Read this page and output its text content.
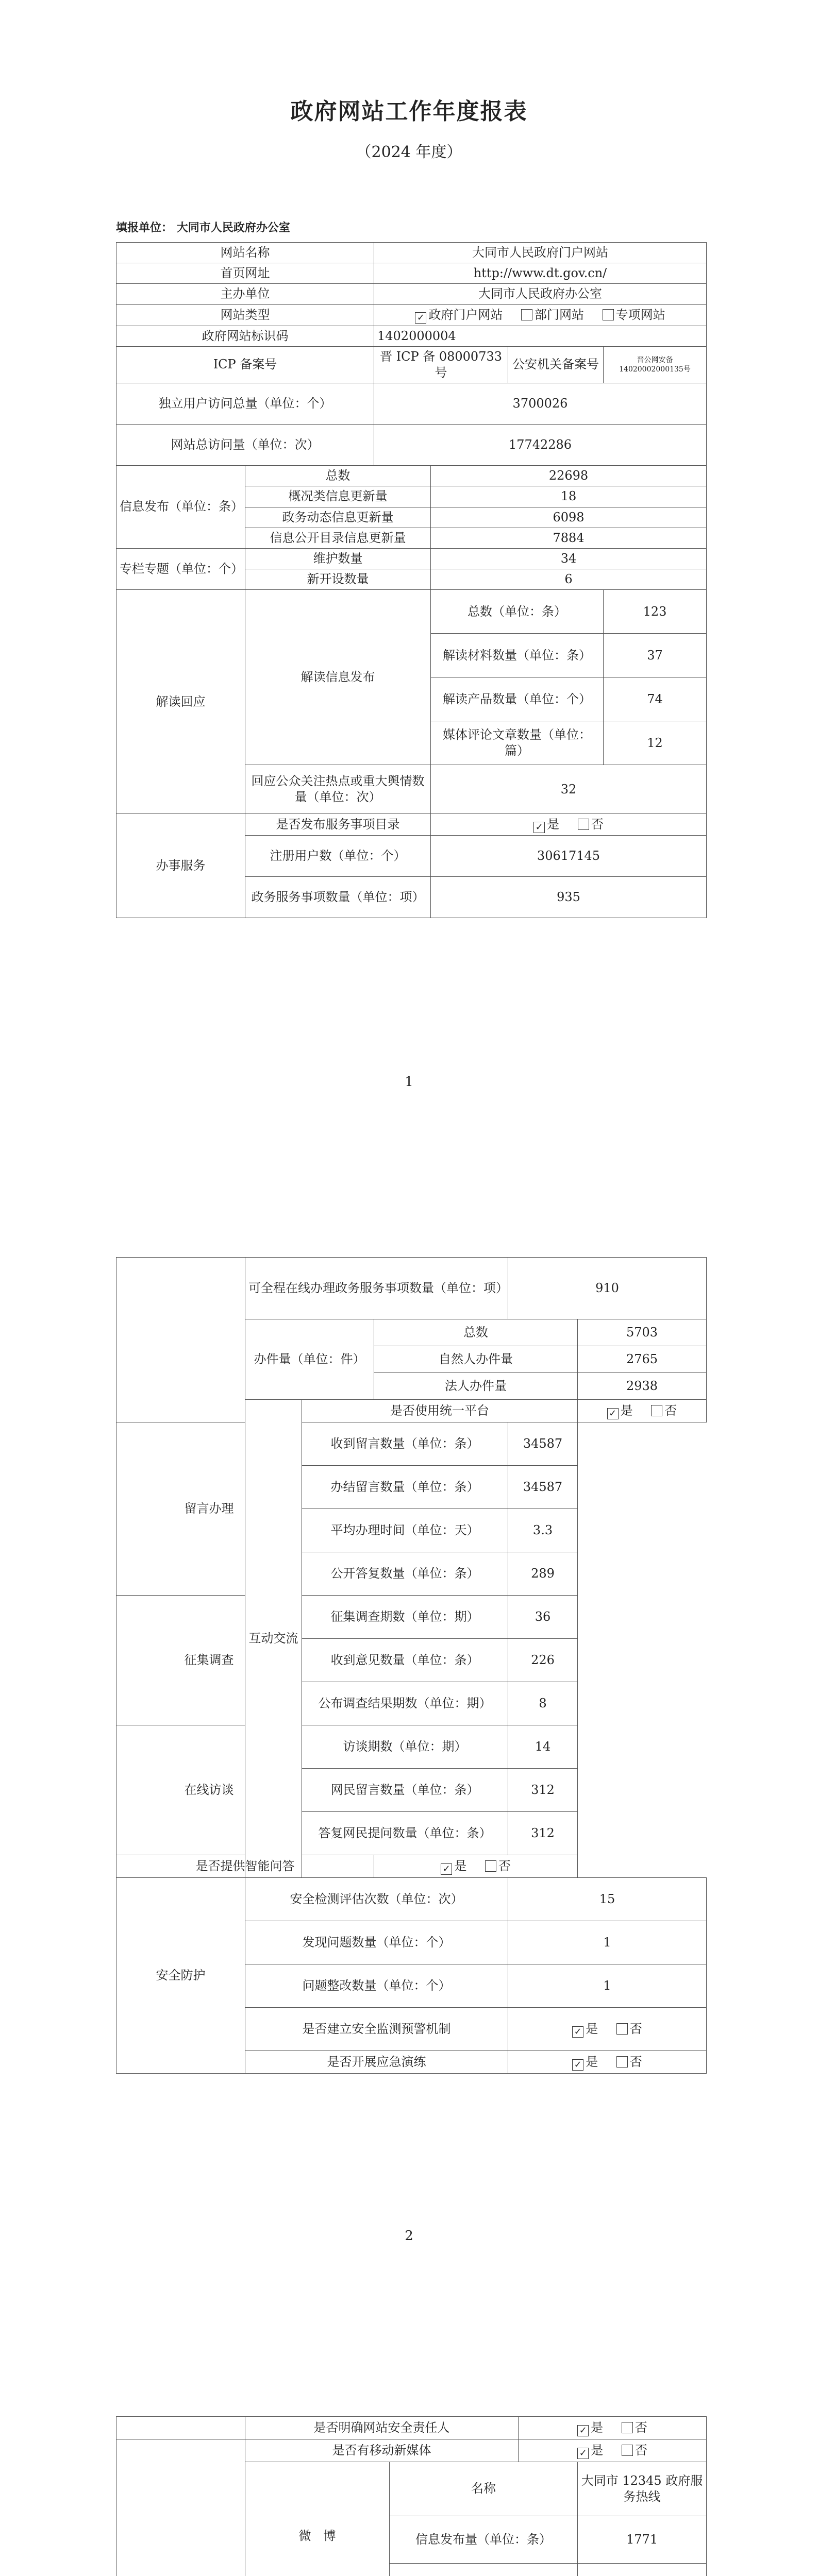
政府网站工作年度报表
（2024 年度）
填报单位： 大同市人民政府办公室
网站名称		大同市人民政府门户网站			
首页网址		http://www.dt.gov.cn/			
主办单位		大同市人民政府办公室			
网站类型		✓ 政府门户网站 部门网站 专项网站			
政府网站标识码		1402000004			
ICP 备案号		晋 ICP 备 08000733 号		公安机关备案号	晋公网安备14020002000135号
独立用户访问总量（单位：个）		3700026			
网站总访问量（单位：次）		17742286			
信息发布（单位：条）	总数		22698		
	概况类信息更新量		18		
	政务动态信息更新量		6098		
	信息公开目录信息更新量		7884		
专栏专题（单位：个）	维护数量		34		
	新开设数量		6		
解读回应	解读信息发布		总数（单位：条）		123
			解读材料数量（单位：条）		37
			解读产品数量（单位：个）		74
			媒体评论文章数量（单位：篇）		12
	回应公众关注热点或重大舆情数量（单位：次）		32		
办事服务	是否发布服务事项目录		✓ 是 否		
	注册用户数（单位：个）		30617145		
	政务服务事项数量（单位：项）		935		
1
	可全程在线办理政务服务事项数量（单位：项）			910	
	办件量（单位：件）		总数		5703
			自然人办件量		2765
			法人办件量		2938
	互动交流	是否使用统一平台			✓ 是 否
留言办理		收到留言数量（单位：条）		34587	
		办结留言数量（单位：条）		34587	
		平均办理时间（单位：天）		3.3	
		公开答复数量（单位：条）		289	
征集调查		征集调查期数（单位：期）		36	
		收到意见数量（单位：条）		226	
		公布调查结果期数（单位：期）		8	
在线访谈		访谈期数（单位：期）		14	
		网民留言数量（单位：条）		312	
		答复网民提问数量（单位：条）		312	
是否提供智能问答			✓ 是 否		
安全防护	安全检测评估次数（单位：次）			15	
	发现问题数量（单位：个）			1	
	问题整改数量（单位：个）			1	
	是否建立安全监测预警机制			✓ 是 否	
	是否开展应急演练			✓ 是 否	
2
	是否明确网站安全责任人		✓ 是 否	
	是否有移动新媒体		✓ 是 否	
	微　博	名称		大同市 12345 政府服务热线
		信息发布量（单位：条）		1771
